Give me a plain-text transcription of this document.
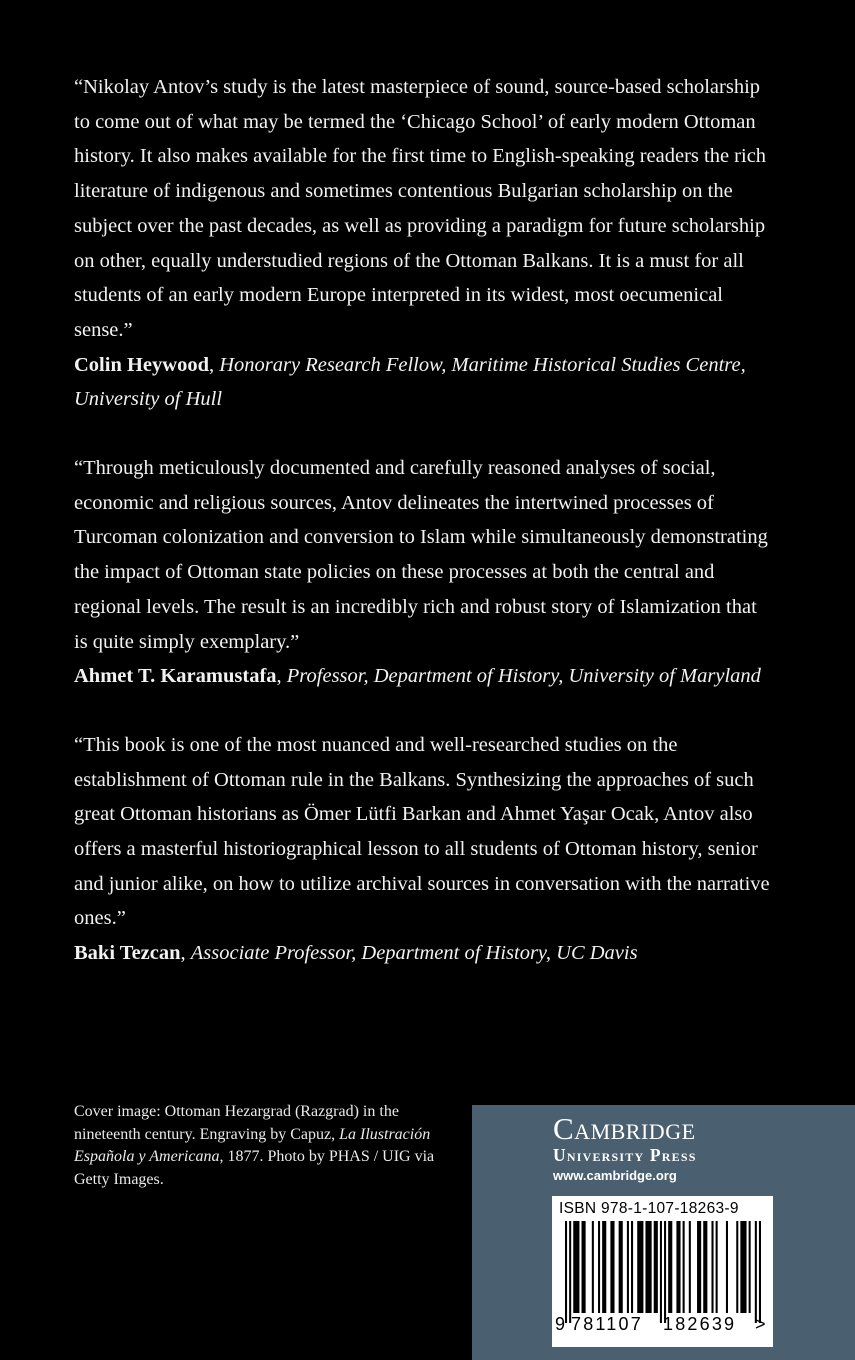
“Nikolay Antov’s study is the latest masterpiece of sound, source-based scholarship to come out of what may be termed the ‘Chicago School’ of early modern Ottoman history. It also makes available for the first time to English-speaking readers the rich literature of indigenous and sometimes contentious Bulgarian scholarship on the subject over the past decades, as well as providing a paradigm for future scholarship on other, equally understudied regions of the Ottoman Balkans. It is a must for all students of an early modern Europe interpreted in its widest, most oecumenical sense.”
Colin Heywood, Honorary Research Fellow, Maritime Historical Studies Centre, University of Hull

“Through meticulously documented and carefully reasoned analyses of social, economic and religious sources, Antov delineates the intertwined processes of Turcoman colonization and conversion to Islam while simultaneously demonstrating the impact of Ottoman state policies on these processes at both the central and regional levels. The result is an incredibly rich and robust story of Islamization that is quite simply exemplary.”
Ahmet T. Karamustafa, Professor, Department of History, University of Maryland

“This book is one of the most nuanced and well-researched studies on the establishment of Ottoman rule in the Balkans. Synthesizing the approaches of such great Ottoman historians as Ömer Lütfi Barkan and Ahmet Yaşar Ocak, Antov also offers a masterful historiographical lesson to all students of Ottoman history, senior and junior alike, on how to utilize archival sources in conversation with the narrative ones.”
Baki Tezcan, Associate Professor, Department of History, UC Davis

Cover image: Ottoman Hezargrad (Razgrad) in the nineteenth century. Engraving by Capuz, La Ilustración Española y Americana, 1877. Photo by PHAS / UIG via Getty Images.
Cambridge
University Press
www.cambridge.org
ISBN 978-1-107-18263-9
9 781107 182639 >
